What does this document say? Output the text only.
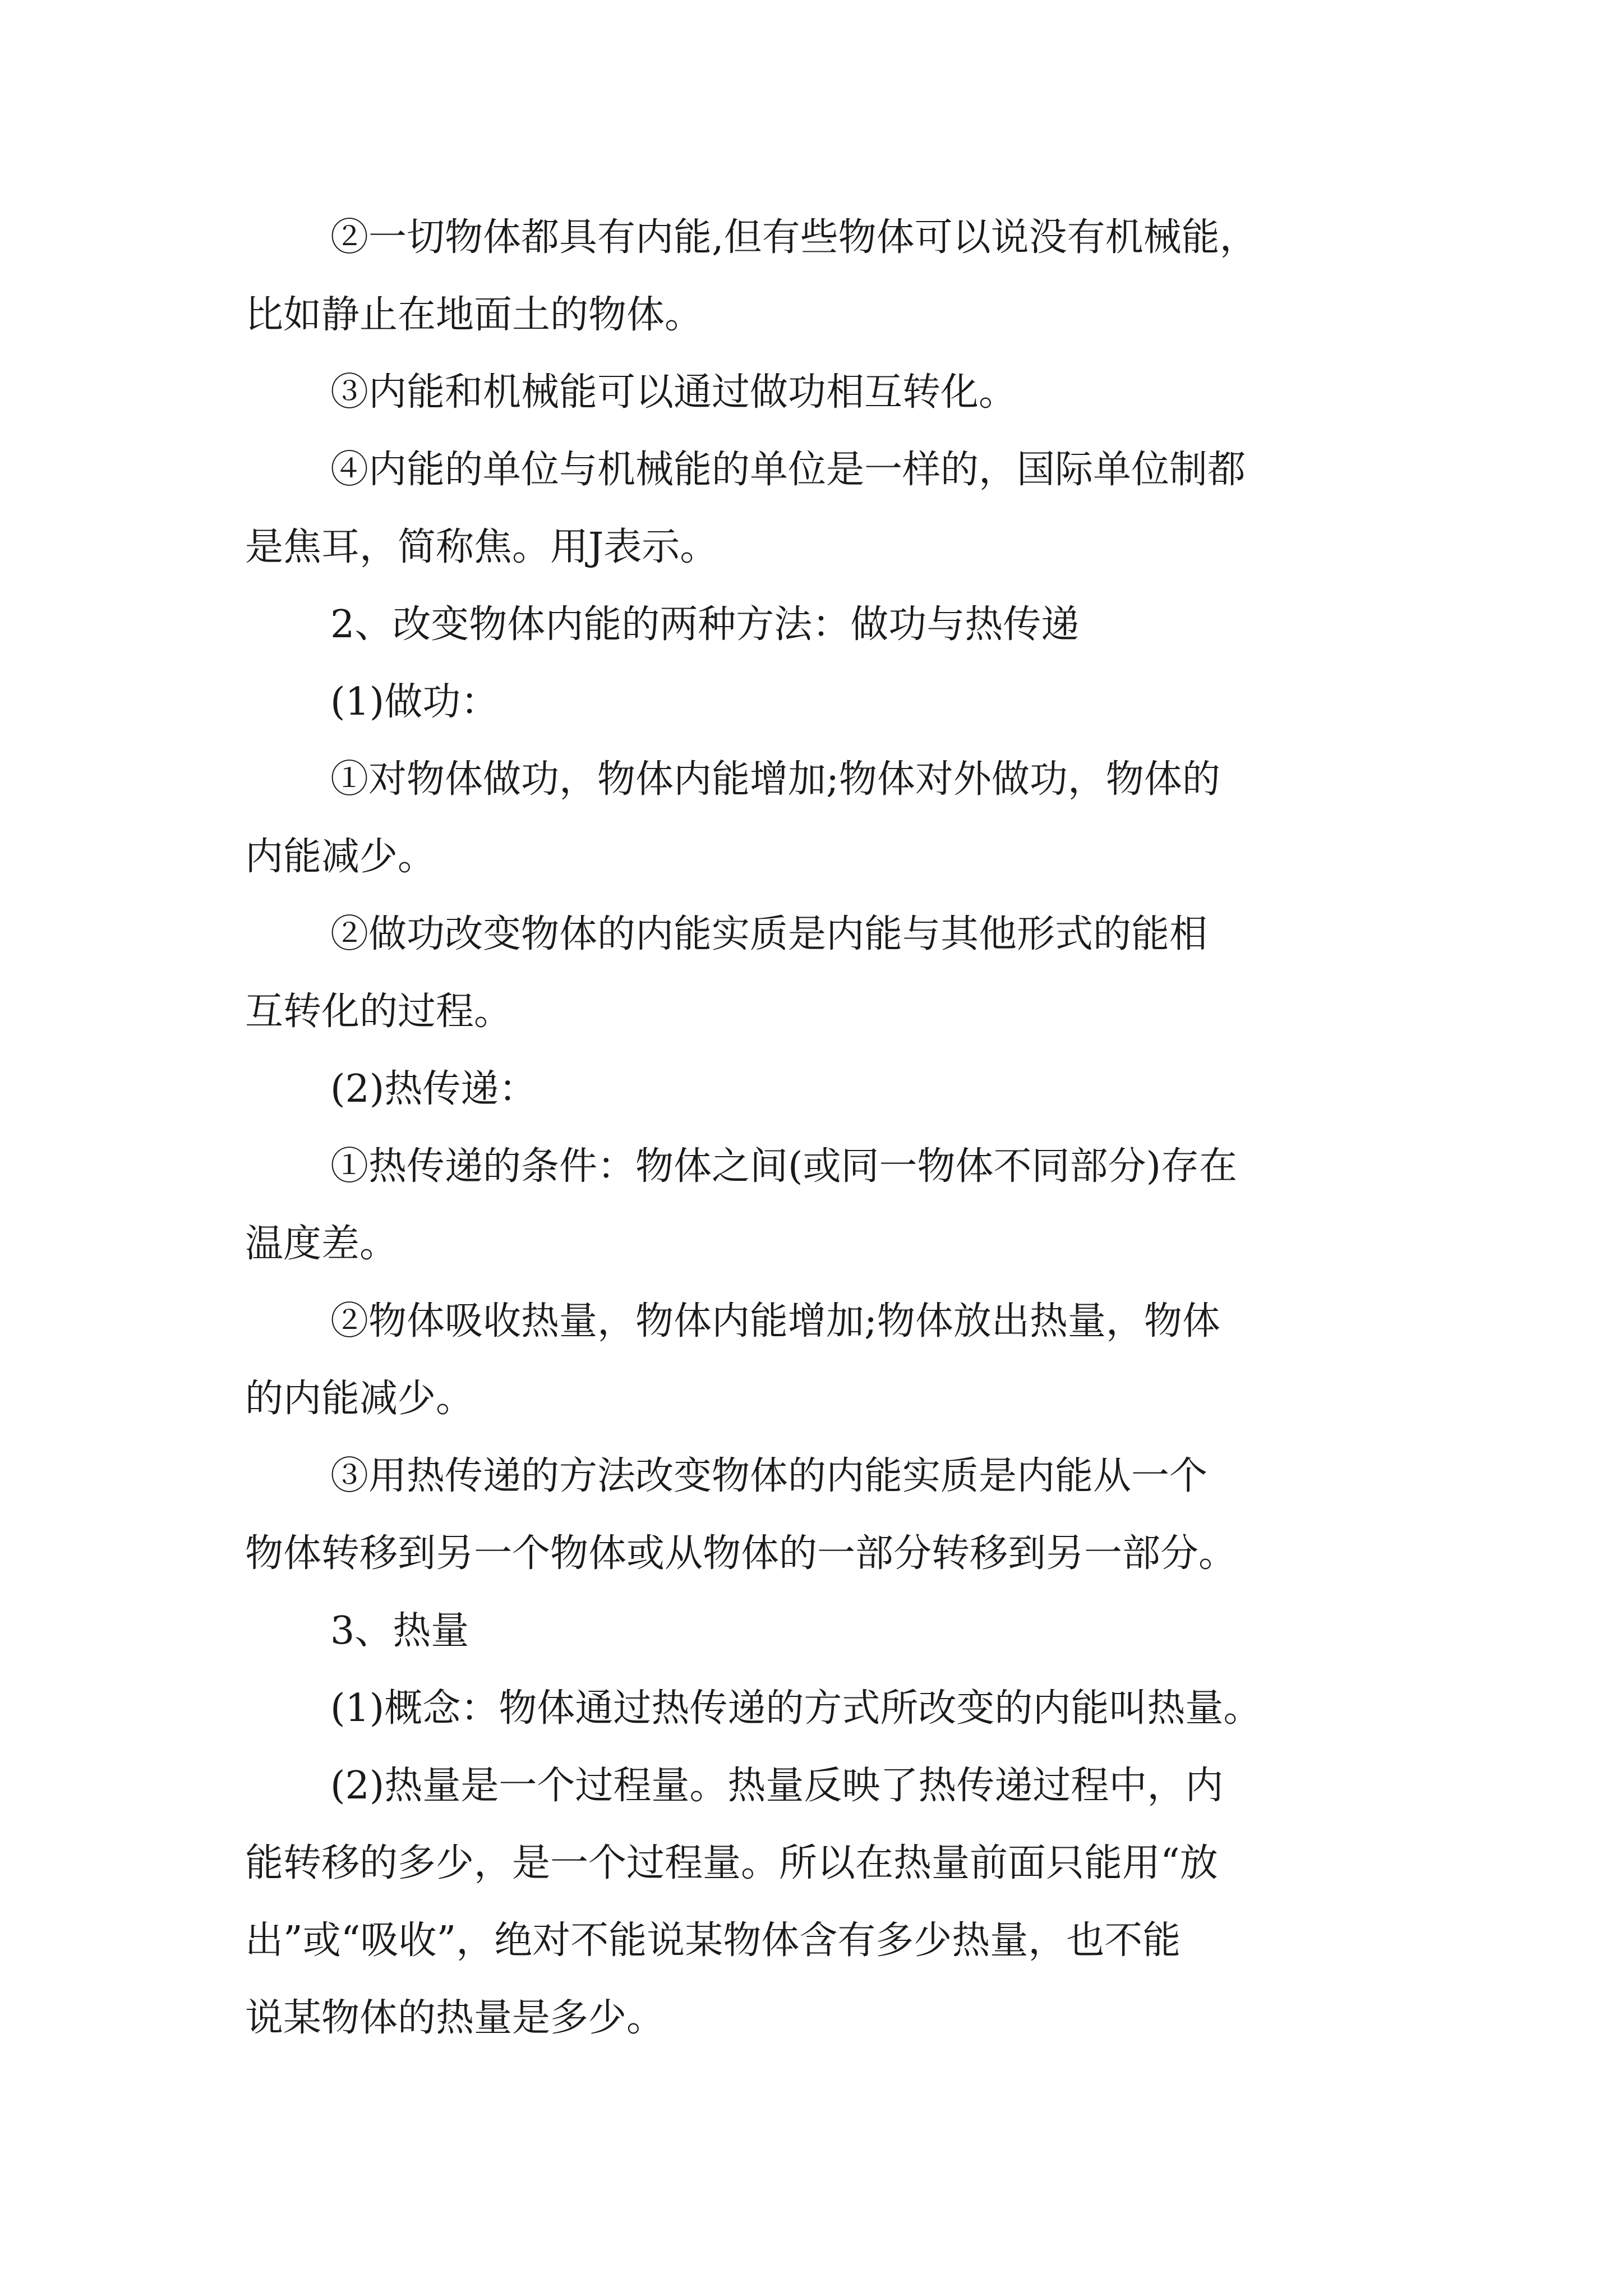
②一切物体都具有内能,但有些物体可以说没有机械能，
比如静止在地面土的物体。
③内能和机械能可以通过做功相互转化。
④内能的单位与机械能的单位是一样的，国际单位制都
是焦耳，简称焦。用J表示。
2、改变物体内能的两种方法：做功与热传递
(1)做功：
①对物体做功，物体内能增加;物体对外做功，物体的
内能减少。
②做功改变物体的内能实质是内能与其他形式的能相
互转化的过程。
(2)热传递：
①热传递的条件：物体之间(或同一物体不同部分)存在
温度差。
②物体吸收热量，物体内能增加;物体放出热量，物体
的内能减少。
③用热传递的方法改变物体的内能实质是内能从一个
物体转移到另一个物体或从物体的一部分转移到另一部分。
3、热量
(1)概念：物体通过热传递的方式所改变的内能叫热量。
(2)热量是一个过程量。热量反映了热传递过程中，内
能转移的多少，是一个过程量。所以在热量前面只能用“放
出”或“吸收”，绝对不能说某物体含有多少热量，也不能
说某物体的热量是多少。
